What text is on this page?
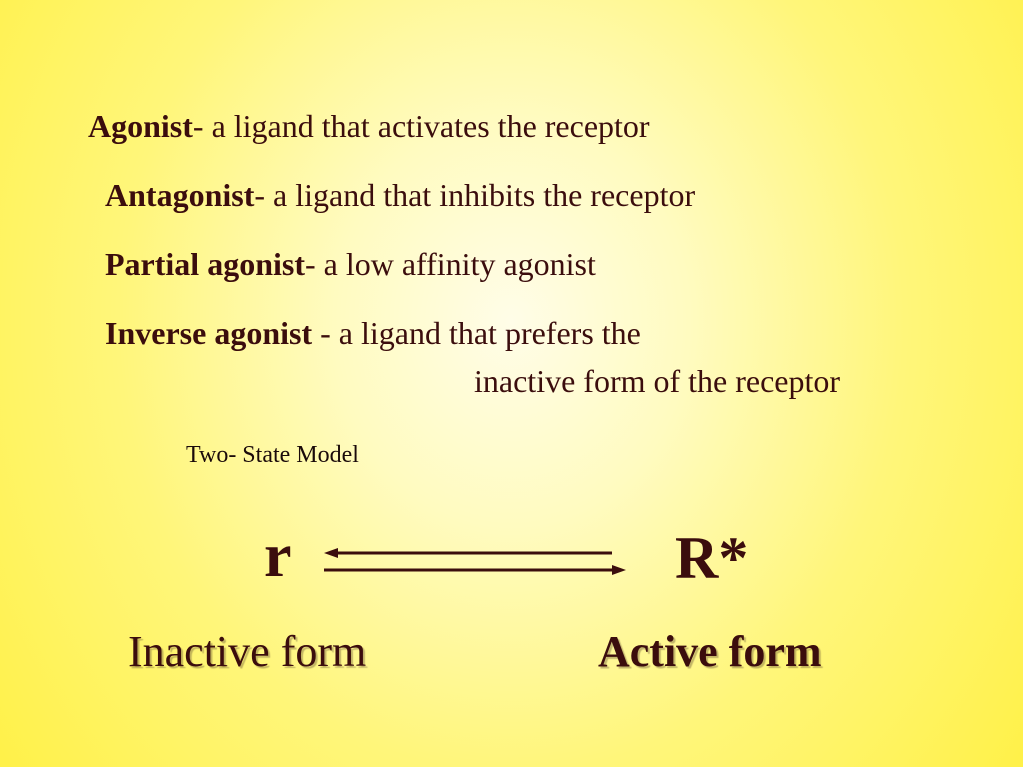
Agonist- a ligand that activates the receptor
Antagonist- a ligand that inhibits the receptor
Partial agonist- a low affinity agonist
Inverse agonist - a ligand that prefers the
inactive form of the receptor
Two- State Model
r	R*
Inactive form	Active form
